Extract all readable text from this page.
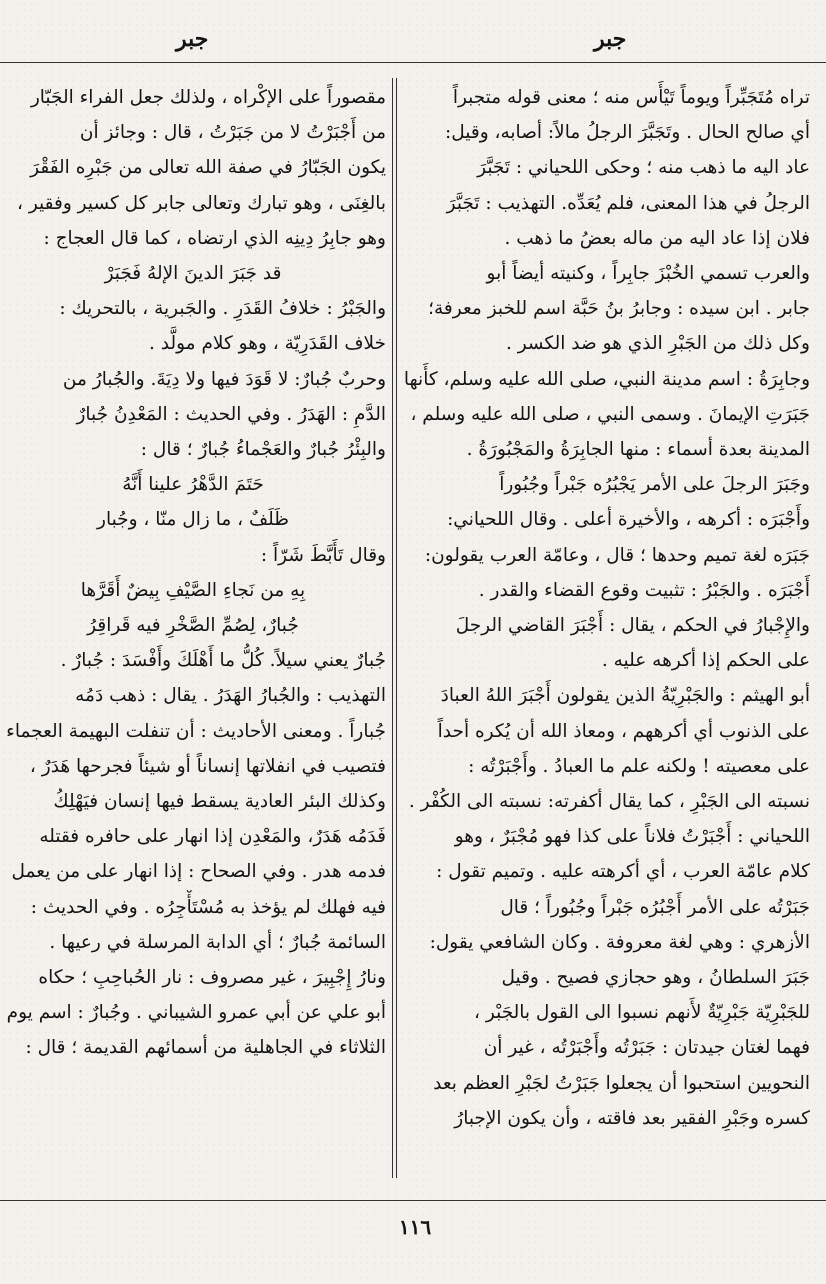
جبر
جبر
تراه مُتَجَبِّراً ويوماً تَيْأَس منه ؛ معنى قوله متجبراً
أي صالح الحال . وتَجَبَّرَ الرجلُ مالاً: أصابه، وقيل:
عاد اليه ما ذهب منه ؛ وحكى اللحياني : تَجَبَّرَ
الرجلُ في هذا المعنى، فلم يُعَدِّه. التهذيب : تَجَبَّرَ
فلان إذا عاد اليه من ماله بعضُ ما ذهب .
والعرب تسمي الخُبْزَ جابِراً ، وكنيته أيضاً أبو
جابر . ابن سيده : وجابرُ بنُ حَبَّة اسم للخبز معرفة؛
وكل ذلك من الجَبْرِ الذي هو ضد الكسر .
وجابِرَةُ : اسم مدينة النبي، صلى الله عليه وسلم، كأَنها
جَبَرَتِ الإيمانَ . وسمى النبي ، صلى الله عليه وسلم ،
المدينة بعدة أسماء : منها الجابِرَةُ والمَجْبُورَةُ .
وجَبَرَ الرجلَ على الأمر يَجْبُرُه جَبْراً وجُبُوراً
وأَجْبَرَه : أكرهه ، والأخيرة أعلى . وقال اللحياني:
جَبَرَه لغة تميم وحدها ؛ قال ، وعامّة العرب يقولون:
أَجْبَرَه . والجَبْرُ : تثبيت وقوع القضاء والقدر .
والإِجْبارُ في الحكم ، يقال : أَجْبَرَ القاضي الرجلَ
على الحكم إذا أكرهه عليه .
أبو الهيثم : والجَبْرِيّةُ الذين يقولون أَجْبَرَ اللهُ العبادَ
على الذنوب أي أكرههم ، ومعاذ الله أن يُكره أحداً
على معصيته ! ولكنه علم ما العبادُ . وأَجْبَرْتُه :
نسبته الى الجَبْرِ ، كما يقال أكفرته: نسبته الى الكُفْر .
اللحياني : أَجْبَرْتُ فلاناً على كذا فهو مُجْبَرٌ ، وهو
كلام عامّة العرب ، أي أكرهته عليه . وتميم تقول :
جَبَرْتُه على الأمر أَجْبُرُه جَبْراً وجُبُوراً ؛ قال
الأزهري : وهي لغة معروفة . وكان الشافعي يقول:
جَبَرَ السلطانُ ، وهو حجازي فصيح . وقيل
للجَبْرِيّة جَبْرِيّةٌ لأَنهم نسبوا الى القول بالجَبْر ،
فهما لغتان جيدتان : جَبَرْتُه وأَجْبَرْتُه ، غير أن
النحويين استحبوا أن يجعلوا جَبَرْتُ لجَبْرِ العظم بعد
كسره وجَبْرِ الفقير بعد فاقته ، وأن يكون الإجبارُ
مقصوراً على الإكْراه ، ولذلك جعل الفراء الجَبّار
من أَجْبَرْتُ لا من جَبَرْتُ ، قال : وجائز أن
يكون الجَبّارُ في صفة الله تعالى من جَبْرِه الفَقْرَ
بالغِنَى ، وهو تبارك وتعالى جابر كل كسير وفقير ،
وهو جابِرُ دِينِه الذي ارتضاه ، كما قال العجاج :
قد جَبَرَ الدينَ الإلهُ فَجَبَرْ
والجَبْرُ : خلافُ القَدَرِ . والجَبرية ، بالتحريك :
خلاف القَدَرِيّة ، وهو كلام مولَّد .
وحربٌ جُبارٌ: لا قَوَدَ فيها ولا دِيَةَ. والجُبارُ من
الدَّمِ : الهَدَرُ . وفي الحديث : المَعْدِنُ جُبارٌ
والبِئْرُ جُبارٌ والعَجْماءُ جُبارٌ ؛ قال :
حَتَمَ الدَّهْرُ علينا أَنَّهُ
ظَلَفٌ ، ما زال منّا ، وجُبار
وقال تَأَبَّطَ شَرّاً :
بِهِ من نَجاءِ الصَّيْفِ بِيضٌ أَقَرَّها
جُبارٌ، لِصُمِّ الصَّخْرِ فيه قَراقِرُ
جُبارٌ يعني سيلاً. كُلُّ ما أَهْلَكَ وأَفْسَدَ : جُبارٌ .
التهذيب : والجُبارُ الهَدَرُ . يقال : ذهب دَمُه
جُباراً . ومعنى الأحاديث : أن تنفلت البهيمة العجماء
فتصيب في انفلاتها إنساناً أو شيئاً فجرحها هَدَرٌ ،
وكذلك البئر العادية يسقط فيها إنسان فيَهْلِكُ
فَدَمُه هَدَرٌ، والمَعْدِن إذا انهار على حافره فقتله
فدمه هدر . وفي الصحاح : إذا انهار على من يعمل
فيه فهلك لم يؤخذ به مُسْتَأْجِرُه . وفي الحديث :
السائمة جُبارٌ ؛ أي الدابة المرسلة في رعيها .
ونارُ إِجْبِيرَ ، غير مصروف : نار الحُباحِبِ ؛ حكاه
أبو علي عن أبي عمرو الشيباني . وجُبارٌ : اسم يوم
الثلاثاء في الجاهلية من أسمائهم القديمة ؛ قال :
١١٦
